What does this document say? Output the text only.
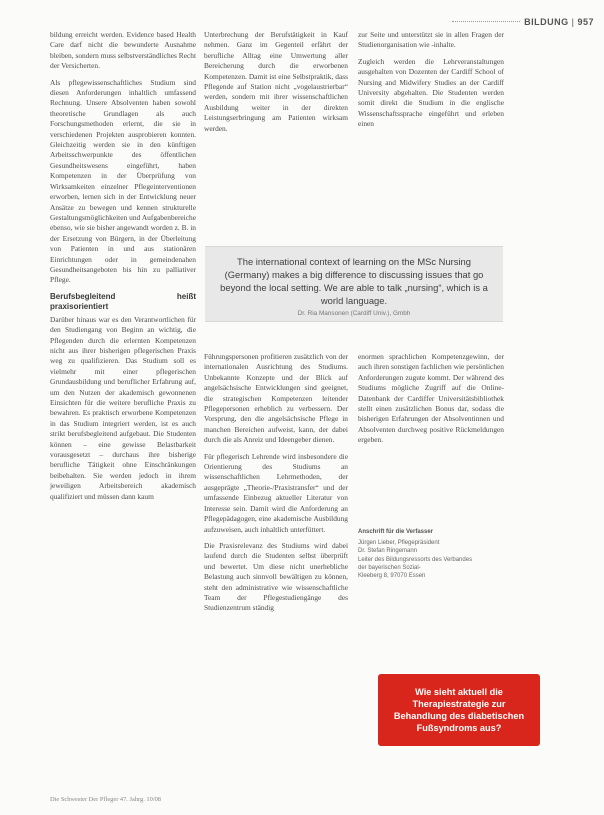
BILDUNG | 957

bildung erreicht werden. Evidence based Health Care darf nicht die bewunderte Ausnahme bleiben, sondern muss selbstverständliches Recht der Versicherten.

Als pflegewissenschaftliches Studium sind diesen Anforderungen inhaltlich umfassend Rechnung. Unsere Absolventen haben sowohl theoretische Grundlagen als auch Forschungsmethoden erlernt, die sie in verschiedenen Projekten ausprobieren konnten. Gleichzeitig werden sie in den künftigen Arbeitsschwerpunkte des öffentlichen Gesundheitswesens eingeführt, haben Kompetenzen in der Überprüfung von Wirksamkeiten einzelner Pflegeinterventionen erworben, lernen sich in der Entwicklung neuer Ansätze zu bewegen und kennen strukturelle Gestaltungsmöglichkeiten und Aufgabenbereiche ebenso, wie sie bisher angewandt worden z. B. in der Ersetzung von Bürgern, in der Überleitung von Patienten in und aus stationären Einrichtungen oder in gemeindenahen Gesundheitsangeboten bis hin zu palliativer Pflege.

Berufsbegleitend heißt praxisorientiert

Darüber hinaus war es den Verantwortlichen für den Studiengang von Beginn an wichtig, die Pflegenden durch die erlernten Kompetenzen nicht aus ihrer bisherigen pflegerischen Praxis weg zu qualifizieren. Das Studium soll es vielmehr mit einer pflegerischen Grundausbildung und beruflicher Erfahrung auf, um den Nutzen der akademisch gewonnenen Einsichten für die weitere berufliche Praxis zu bewahren. Es praktisch erworbene Kompetenzen in das Studium integriert werden, ist es auch strikt berufsbegleitend aufgebaut. Die Studenten können – eine gewisse Belastbarkeit vorausgesetzt – durchaus ihre bisherige berufliche Tätigkeit ohne Einschränkungen beibehalten. Sie werden jedoch in ihrem jeweiligen Arbeitsbereich akademisch qualifiziert und müssen dann kaum

Unterbrechung der Berufstätigkeit in Kauf nehmen. Ganz im Gegenteil erfährt der berufliche Alltag eine Umwertung aller Bereicherung durch die erworbenen Kompetenzen. Damit ist eine Selbstpraktik, dass Pflegende auf Station nicht „vogelaustrierbar“ werden, sondern mit ihrer wissenschaftlichen Ausbildung weiter in der direkten Leistungserbringung am Patienten wirksam werden.

zur Seite und unterstützt sie in allen Fragen der Studienorganisation wie -inhalte.

Zugleich werden die Lehrveranstaltungen ausgehalten von Dozenten der Cardiff School of Nursing and Midwifery Studies an der Cardiff University abgehalten. Die Studenten werden somit direkt die Studium in die englische Wissenschaftssprache eingeführt und erleben einen

The international context of learning on the MSc Nursing (Germany) makes a big difference to discussing issues that go beyond the local setting. We are able to talk „nursing“, which is a world language.
Dr. Ria Mansonen (Cardiff Univ.), Gmbh

Führungspersonen profitieren zusätzlich von der internationalen Ausrichtung des Studiums. Unbekannte Konzepte und der Blick auf angelsächsische Entwicklungen sind geeignet, die strategischen Kompetenzen leitender Pflegepersonen erheblich zu verbessern. Der Vorsprung, den die angelsächsische Pflege in manchen Bereichen aufweist, kann, der dabei durch die als Anreiz und Ideengeber dienen.

Für pflegerisch Lehrende wird insbesondere die Orientierung des Studiums an wissenschaftlichen Lehrmethoden, der ausgeprägte „Theorie-/Praxistransfer“ und der umfassende Einbezug aktueller Literatur von Interesse sein. Damit wird die Anforderung an Pflegepädagogen, eine akademische Ausbildung aufzuweisen, auch inhaltlich unterfüttert.

Die Praxisrelevanz des Studiums wird dabei laufend durch die Studenten selbst überprüft und bewertet. Um diese nicht unerhebliche Belastung auch sinnvoll bewältigen zu können, steht den administrative wie wissenschaftliche Team der Pflegestudiengänge des Studienzentrum ständig

enormen sprachlichen Kompetenzgewinn, der auch ihren sonstigen fachlichen wie persönlichen Anforderungen zugute kommt. Der während des Studiums mögliche Zugriff auf die Online-Datenbank der Cardiffer Universitätsbibliothek stellt einen zusätzlichen Bonus dar, sodass die bisherigen Erfahrungen der Absolventinnen und Absolventen durchweg positive Rückmeldungen ergeben.

Anschrift für die Verfasser
Jürgen Lieber, Pflegepräsident
Dr. Stefan Ringemann
Leiter des Bildungsressorts des Verbandes
der bayerischen Sozial-
Kleeberg 8, 97070 Essen
Wie sieht aktuell die Therapiestrategie zur Behandlung des diabetischen Fußsyndroms aus?
Die Schwester Der Pfleger 47. Jahrg. 10/08
